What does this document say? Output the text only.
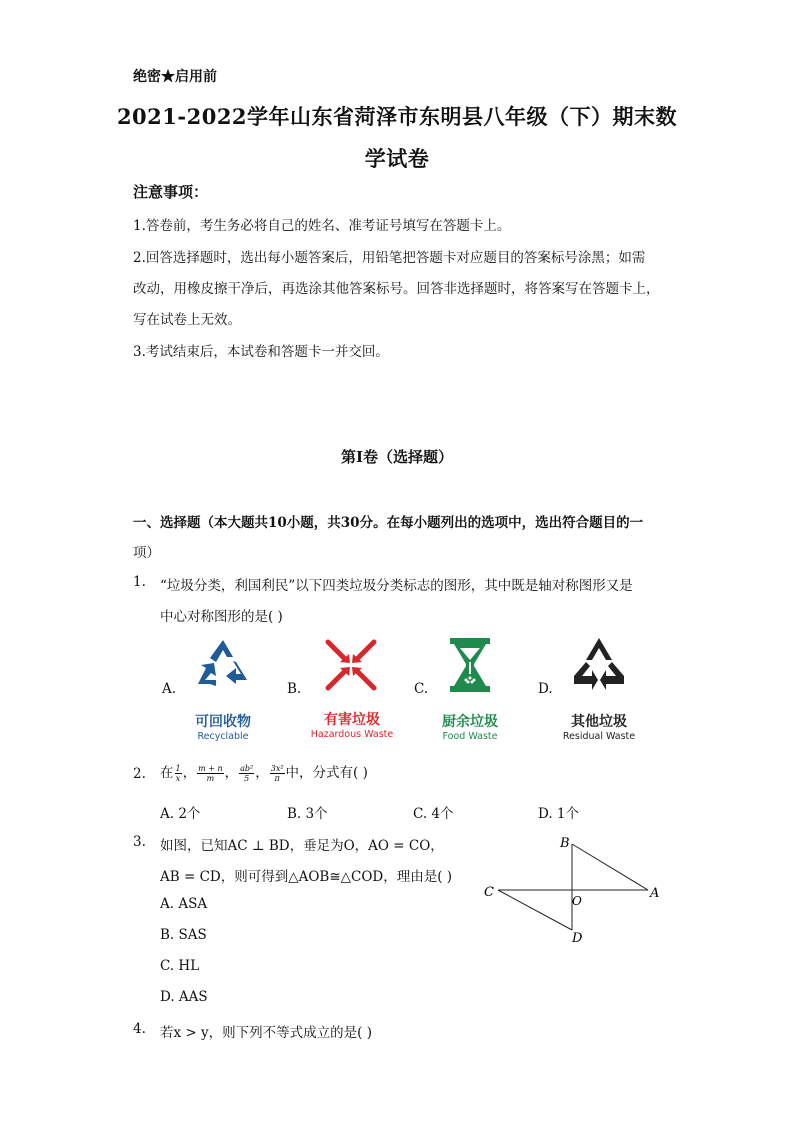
绝密★启用前
2021-2022学年山东省菏泽市东明县八年级（下）期末数
学试卷
注意事项：
1.答卷前，考生务必将自己的姓名、准考证号填写在答题卡上。
2.回答选择题时，选出每小题答案后，用铅笔把答题卡对应题目的答案标号涂黑；如需
改动，用橡皮擦干净后，再选涂其他答案标号。回答非选择题时，将答案写在答题卡上，
写在试卷上无效。
3.考试结束后，本试卷和答题卡一并交回。
第I卷（选择题）
一、选择题（本大题共10小题，共30分。在每小题列出的选项中，选出符合题目的一
项）
1. “垃圾分类，利国利民”以下四类垃圾分类标志的图形，其中既是轴对称图形又是
中心对称图形的是( )
A.
可回收物
Recyclable
B.
有害垃圾
Hazardous Waste
C.
厨余垃圾
Food Waste
D.
其他垃圾
Residual Waste
2. 在 $\frac{1}{x}$ ， $\frac{m + n}{m}$ ， $\frac{\text{ab²}}{5}$ ， $\frac{\text{3x²}}{\pi}$ 中，分式有( )
A. 2个	B. 3个	C. 4个	D. 1个
3. 如图，已知AC ⊥ BD，垂足为O，AO = CO，
AB = CD，则可得到△AOB≅△COD，理由是( )
A. ASA
B. SAS
C. HL
D. AAS
B
C
O	A
D
4. 若x > y，则下列不等式成立的是( )
